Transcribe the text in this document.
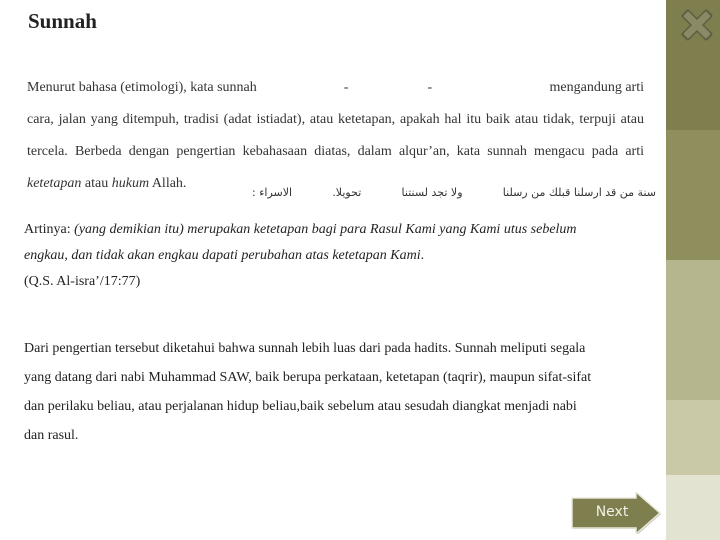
Sunnah

Menurut bahasa (etimologi), kata sunnah	-	-	mengandung arti
cara, jalan yang ditempuh, tradisi (adat istiadat), atau ketetapan, apakah hal itu baik atau tidak, terpuji atau tercela. Berbeda dengan pengertian kebahasaan diatas, dalam alqur’an, kata sunnah mengacu pada arti ketetapan atau hukum Allah.

سنة من قد ارسلنا قبلك من رسلنا
ولا تجد لسنتنا
تحويلا.
الاسراء :

Artinya: (yang demikian itu) merupakan ketetapan bagi para Rasul Kami yang Kami utus sebelum engkau, dan tidak akan engkau dapati perubahan atas ketetapan Kami.
(Q.S. Al-isra’/17:77)

Dari pengertian tersebut diketahui bahwa sunnah lebih luas dari pada hadits. Sunnah meliputi segala yang datang dari nabi Muhammad SAW, baik berupa perkataan, ketetapan (taqrir), maupun sifat-sifat dan perilaku beliau, atau perjalanan hidup beliau,baik sebelum atau sesudah diangkat menjadi nabi dan rasul.

Next
